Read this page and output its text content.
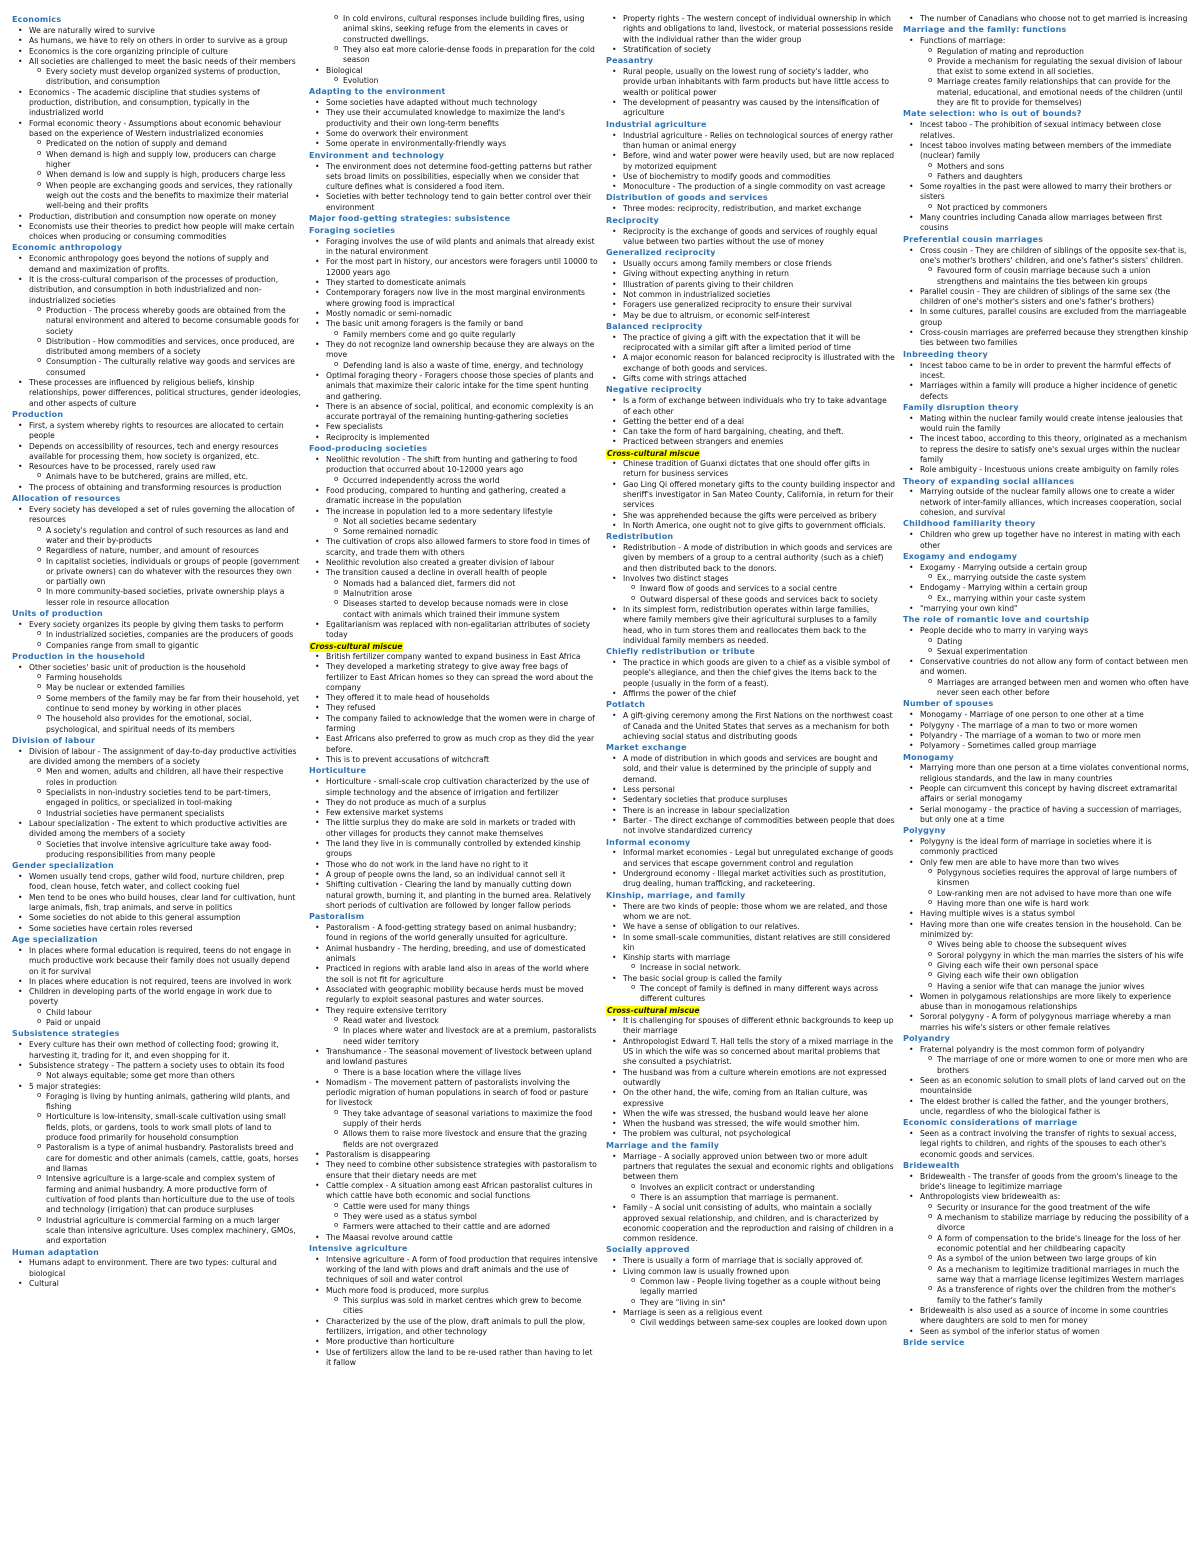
Economics
• We are naturally wired to survive
• As humans, we have to rely on others in order to survive as a group
• Economics is the core organizing principle of culture
• All societies are challenged to meet the basic needs of their members
o Every society must develop organized systems of production, distribution, and consumption
• Economics - The academic discipline that studies systems of production, distribution, and consumption, typically in the industrialized world
• Formal economic theory - Assumptions about economic behaviour based on the experience of Western industrialized economies
o Predicated on the notion of supply and demand
o When demand is high and supply low, producers can charge higher
o When demand is low and supply is high, producers charge less
o When people are exchanging goods and services, they rationally weigh out the costs and the benefits to maximize their material well-being and their profits
• Production, distribution and consumption now operate on money
• Economists use their theories to predict how people will make certain choices when producing or consuming commodities
Economic anthropology
• Economic anthropology goes beyond the notions of supply and demand and maximization of profits.
• It is the cross-cultural comparison of the processes of production, distribution, and consumption in both industrialized and non-industrialized societies
o Production - The process whereby goods are obtained from the natural environment and altered to become consumable goods for society
o Distribution - How commodities and services, once produced, are distributed among members of a society
o Consumption - The culturally relative way goods and services are consumed
• These processes are influenced by religious beliefs, kinship relationships, power differences, political structures, gender ideologies, and other aspects of culture
Production
• First, a system whereby rights to resources are allocated to certain people
• Depends on accessibility of resources, tech and energy resources available for processing them, how society is organized, etc.
• Resources have to be processed, rarely used raw
o Animals have to be butchered, grains are milled, etc.
• The process of obtaining and transforming resources is production
Allocation of resources
• Every society has developed a set of rules governing the allocation of resources
o A society's regulation and control of such resources as land and water and their by-products
o Regardless of nature, number, and amount of resources
o In capitalist societies, individuals or groups of people (government or private owners) can do whatever with the resources they own or partially own
o In more community-based societies, private ownership plays a lesser role in resource allocation
Units of production
• Every society organizes its people by giving them tasks to perform
o In industrialized societies, companies are the producers of goods
o Companies range from small to gigantic
Production in the household
• Other societies' basic unit of production is the household
o Farming households
o May be nuclear or extended families
o Some members of the family may be far from their household, yet continue to send money by working in other places
o The household also provides for the emotional, social, psychological, and spiritual needs of its members
Division of labour
• Division of labour - The assignment of day-to-day productive activities are divided among the members of a society
o Men and women, adults and children, all have their respective roles in production
o Specialists in non-industry societies tend to be part-timers, engaged in politics, or specialized in tool-making
o Industrial societies have permanent specialists
• Labour specialization - The extent to which productive activities are divided among the members of a society
o Societies that involve intensive agriculture take away food-producing responsibilities from many people
Gender specialization
• Women usually tend crops, gather wild food, nurture children, prep food, clean house, fetch water, and collect cooking fuel
• Men tend to be ones who build houses, clear land for cultivation, hunt large animals, fish, trap animals, and serve in politics
• Some societies do not abide to this general assumption
• Some societies have certain roles reversed
Age specialization
• In places where formal education is required, teens do not engage in much productive work because their family does not usually depend on it for survival
• In places where education is not required, teens are involved in work
• Children in developing parts of the world engage in work due to poverty
o Child labour
o Paid or unpaid
Subsistence strategies
• Every culture has their own method of collecting food; growing it, harvesting it, trading for it, and even shopping for it.
• Subsistence strategy - The pattern a society uses to obtain its food
o Not always equitable; some get more than others
• 5 major strategies:
o Foraging is living by hunting animals, gathering wild plants, and fishing
o Horticulture is low-intensity, small-scale cultivation using small fields, plots, or gardens, tools to work small plots of land to produce food primarily for household consumption
o Pastoralism is a type of animal husbandry. Pastoralists breed and care for domestic and other animals (camels, cattle, goats, horses and llamas
o Intensive agriculture is a large-scale and complex system of farming and animal husbandry. A more productive form of cultivation of food plants than horticulture due to the use of tools and technology (irrigation) that can produce surpluses
o Industrial agriculture is commercial farming on a much larger scale than intensive agriculture. Uses complex machinery, GMOs, and exportation
Human adaptation
• Humans adapt to environment. There are two types: cultural and biological
• Cultural
o In cold environs, cultural responses include building fires, using animal skins, seeking refuge from the elements in caves or constructed dwellings.
o They also eat more calorie-dense foods in preparation for the cold season
• Biological
o Evolution
Adapting to the environment
• Some societies have adapted without much technology
• They use their accumulated knowledge to maximize the land's productivity and their own long-term benefits
• Some do overwork their environment
• Some operate in environmentally-friendly ways
Environment and technology
• The environment does not determine food-getting patterns but rather sets broad limits on possibilities, especially when we consider that culture defines what is considered a food item.
• Societies with better technology tend to gain better control over their environment
Major food-getting strategies: subsistence
Foraging societies
• Foraging involves the use of wild plants and animals that already exist in the natural environment
• For the most part in history, our ancestors were foragers until 10000 to 12000 years ago
• They started to domesticate animals
• Contemporary foragers now live in the most marginal environments where growing food is impractical
• Mostly nomadic or semi-nomadic
• The basic unit among foragers is the family or band
o Family members come and go quite regularly
• They do not recognize land ownership because they are always on the move
o Defending land is also a waste of time, energy, and technology
• Optimal foraging theory - Foragers choose those species of plants and animals that maximize their caloric intake for the time spent hunting and gathering.
• There is an absence of social, political, and economic complexity is an accurate portrayal of the remaining hunting-gathering societies
• Few specialists
• Reciprocity is implemented
Food-producing societies
• Neolithic revolution - The shift from hunting and gathering to food production that occurred about 10-12000 years ago
o Occurred independently across the world
• Food producing, compared to hunting and gathering, created a dramatic increase in the population
• The increase in population led to a more sedentary lifestyle
o Not all societies became sedentary
o Some remained nomadic
• The cultivation of crops also allowed farmers to store food in times of scarcity, and trade them with others
• Neolithic revolution also created a greater division of labour
• The transition caused a decline in overall health of people
o Nomads had a balanced diet, farmers did not
o Malnutrition arose
o Diseases started to develop because nomads were in close contact with animals which trained their immune system
• Egalitarianism was replaced with non-egalitarian attributes of society today
Cross-cultural miscue
• British fertilizer company wanted to expand business in East Africa
• They developed a marketing strategy to give away free bags of fertilizer to East African homes so they can spread the word about the company
• They offered it to male head of households
• They refused
• The company failed to acknowledge that the women were in charge of farming
• East Africans also preferred to grow as much crop as they did the year before.
• This is to prevent accusations of witchcraft
Horticulture
• Horticulture - small-scale crop cultivation characterized by the use of simple technology and the absence of irrigation and fertilizer
• They do not produce as much of a surplus
• Few extensive market systems
• The little surplus they do make are sold in markets or traded with other villages for products they cannot make themselves
• The land they live in is communally controlled by extended kinship groups
• Those who do not work in the land have no right to it
• A group of people owns the land, so an individual cannot sell it
• Shifting cultivation - Clearing the land by manually cutting down natural growth, burning it, and planting in the burned area. Relatively short periods of cultivation are followed by longer fallow periods
Pastoralism
• Pastoralism - A food-getting strategy based on animal husbandry; found in regions of the world generally unsuited for agriculture.
• Animal husbandry - The herding, breeding, and use of domesticated animals
• Practiced in regions with arable land also in areas of the world where the soil is not fit for agriculture
• Associated with geographic mobility because herds must be moved regularly to exploit seasonal pastures and water sources.
• They require extensive territory
o Read water and livestock
o In places where water and livestock are at a premium, pastoralists need wider territory
• Transhumance - The seasonal movement of livestock between upland and lowland pastures
o There is a base location where the village lives
• Nomadism - The movement pattern of pastoralists involving the periodic migration of human populations in search of food or pasture for livestock
o They take advantage of seasonal variations to maximize the food supply of their herds
o Allows them to raise more livestock and ensure that the grazing fields are not overgrazed
• Pastoralism is disappearing
• They need to combine other subsistence strategies with pastoralism to ensure that their dietary needs are met
• Cattle complex - A situation among east African pastoralist cultures in which cattle have both economic and social functions
o Cattle were used for many things
o They were used as a status symbol
o Farmers were attached to their cattle and are adorned
• The Maasai revolve around cattle
Intensive agriculture
• Intensive agriculture - A form of food production that requires intensive working of the land with plows and draft animals and the use of techniques of soil and water control
• Much more food is produced, more surplus
o This surplus was sold in market centres which grew to become cities
• Characterized by the use of the plow, draft animals to pull the plow, fertilizers, irrigation, and other technology
• More productive than horticulture
• Use of fertilizers allow the land to be re-used rather than having to let it fallow
• Property rights - The western concept of individual ownership in which rights and obligations to land, livestock, or material possessions reside with the individual rather than the wider group
• Stratification of society
Peasantry
• Rural people, usually on the lowest rung of society's ladder, who provide urban inhabitants with farm products but have little access to wealth or political power
• The development of peasantry was caused by the intensification of agriculture
Industrial agriculture
• Industrial agriculture - Relies on technological sources of energy rather than human or animal energy
• Before, wind and water power were heavily used, but are now replaced by motorized equipment
• Use of biochemistry to modify goods and commodities
• Monoculture - The production of a single commodity on vast acreage
Distribution of goods and services
• Three modes: reciprocity, redistribution, and market exchange
Reciprocity
• Reciprocity is the exchange of goods and services of roughly equal value between two parties without the use of money
Generalized reciprocity
• Usually occurs among family members or close friends
• Giving without expecting anything in return
• Illustration of parents giving to their children
• Not common in industrialized societies
• Foragers use generalized reciprocity to ensure their survival
• May be due to altruism, or economic self-interest
Balanced reciprocity
• The practice of giving a gift with the expectation that it will be reciprocated with a similar gift after a limited period of time
• A major economic reason for balanced reciprocity is illustrated with the exchange of both goods and services.
• Gifts come with strings attached
Negative reciprocity
• Is a form of exchange between individuals who try to take advantage of each other
• Getting the better end of a deal
• Can take the form of hard bargaining, cheating, and theft.
• Practiced between strangers and enemies
Cross-cultural miscue
• Chinese tradition of Guanxi dictates that one should offer gifts in return for business services
• Gao Ling Qi offered monetary gifts to the county building inspector and sheriff's investigator in San Mateo County, California, in return for their services
• She was apprehended because the gifts were perceived as bribery
• In North America, one ought not to give gifts to government officials.
Redistribution
• Redistribution - A mode of distribution in which goods and services are given by members of a group to a central authority (such as a chief) and then distributed back to the donors.
• Involves two distinct stages
o Inward flow of goods and services to a social centre
o Outward dispersal of these goods and services back to society
• In its simplest form, redistribution operates within large families, where family members give their agricultural surpluses to a family head, who in turn stores them and reallocates them back to the individual family members as needed.
Chiefly redistribution or tribute
• The practice in which goods are given to a chief as a visible symbol of people's allegiance, and then the chief gives the items back to the people (usually in the form of a feast).
• Affirms the power of the chief
Potlatch
• A gift-giving ceremony among the First Nations on the northwest coast of Canada and the United States that serves as a mechanism for both achieving social status and distributing goods
Market exchange
• A mode of distribution in which goods and services are bought and sold, and their value is determined by the principle of supply and demand.
• Less personal
• Sedentary societies that produce surpluses
• There is an increase in labour specialization
• Barter - The direct exchange of commodities between people that does not involve standardized currency
Informal economy
• Informal market economies - Legal but unregulated exchange of goods and services that escape government control and regulation
• Underground economy - Illegal market activities such as prostitution, drug dealing, human trafficking, and racketeering.
Kinship, marriage, and family
• There are two kinds of people: those whom we are related, and those whom we are not.
• We have a sense of obligation to our relatives.
• In some small-scale communities, distant relatives are still considered kin
• Kinship starts with marriage
o Increase in social network.
• The basic social group is called the family
o The concept of family is defined in many different ways across different cultures
Cross-cultural miscue
• It is challenging for spouses of different ethnic backgrounds to keep up their marriage
• Anthropologist Edward T. Hall tells the story of a mixed marriage in the US in which the wife was so concerned about marital problems that she consulted a psychiatrist.
• The husband was from a culture wherein emotions are not expressed outwardly
• On the other hand, the wife, coming from an Italian culture, was expressive
• When the wife was stressed, the husband would leave her alone
• When the husband was stressed, the wife would smother him.
• The problem was cultural, not psychological
Marriage and the family
• Marriage - A socially approved union between two or more adult partners that regulates the sexual and economic rights and obligations between them
o Involves an explicit contract or understanding
o There is an assumption that marriage is permanent.
• Family - A social unit consisting of adults, who maintain a socially approved sexual relationship, and children, and is characterized by economic cooperation and the reproduction and raising of children in a common residence.
Socially approved
• There is usually a form of marriage that is socially approved of.
• Living common law is usually frowned upon
o Common law - People living together as a couple without being legally married
o They are "living in sin"
• Marriage is seen as a religious event
o Civil weddings between same-sex couples are looked down upon
• The number of Canadians who choose not to get married is increasing
Marriage and the family: functions
• Functions of marriage:
o Regulation of mating and reproduction
o Provide a mechanism for regulating the sexual division of labour that exist to some extend in all societies.
o Marriage creates family relationships that can provide for the material, educational, and emotional needs of the children (until they are fit to provide for themselves)
Mate selection: who is out of bounds?
• Incest taboo - The prohibition of sexual intimacy between close relatives.
• Incest taboo involves mating between members of the immediate (nuclear) family
o Mothers and sons
o Fathers and daughters
• Some royalties in the past were allowed to marry their brothers or sisters
o Not practiced by commoners
• Many countries including Canada allow marriages between first cousins
Preferential cousin marriages
• Cross cousin - They are children of siblings of the opposite sex-that is, one's mother's brothers' children, and one's father's sisters' children.
o Favoured form of cousin marriage because such a union strengthens and maintains the ties between kin groups
• Parallel cousin - They are children of siblings of the same sex (the children of one's mother's sisters and one's father's brothers)
• In some cultures, parallel cousins are excluded from the marriageable group
• Cross-cousin marriages are preferred because they strengthen kinship ties between two families
Inbreeding theory
• Incest taboo came to be in order to prevent the harmful effects of incest.
• Marriages within a family will produce a higher incidence of genetic defects
Family disruption theory
• Mating within the nuclear family would create intense jealousies that would ruin the family
• The incest taboo, according to this theory, originated as a mechanism to repress the desire to satisfy one's sexual urges within the nuclear family
• Role ambiguity - Incestuous unions create ambiguity on family roles
Theory of expanding social alliances
• Marrying outside of the nuclear family allows one to create a wider network of inter-family alliances, which increases cooperation, social cohesion, and survival
Childhood familiarity theory
• Children who grew up together have no interest in mating with each other
Exogamy and endogamy
• Exogamy - Marrying outside a certain group
o Ex., marrying outside the caste system
• Endogamy - Marrying within a certain group
o Ex., marrying within your caste system
• "marrying your own kind"
The role of romantic love and courtship
• People decide who to marry in varying ways
o Dating
o Sexual experimentation
• Conservative countries do not allow any form of contact between men and women.
o Marriages are arranged between men and women who often have never seen each other before
Number of spouses
• Monogamy - Marriage of one person to one other at a time
• Polygyny - The marriage of a man to two or more women
• Polyandry - The marriage of a woman to two or more men
• Polyamory - Sometimes called group marriage
Monogamy
• Marrying more than one person at a time violates conventional norms, religious standards, and the law in many countries
• People can circumvent this concept by having discreet extramarital affairs or serial monogamy
• Serial monogamy - the practice of having a succession of marriages, but only one at a time
Polygyny
• Polygyny is the ideal form of marriage in societies where it is commonly practiced
• Only few men are able to have more than two wives
o Polygynous societies requires the approval of large numbers of kinsmen
o Low-ranking men are not advised to have more than one wife
o Having more than one wife is hard work
• Having multiple wives is a status symbol
• Having more than one wife creates tension in the household. Can be minimized by:
o Wives being able to choose the subsequent wives
o Sororal polygyny in which the man marries the sisters of his wife
o Giving each wife their own personal space
o Giving each wife their own obligation
o Having a senior wife that can manage the junior wives
• Women in polygamous relationships are more likely to experience abuse than in monogamous relationships
• Sororal polygyny - A form of polygynous marriage whereby a man marries his wife's sisters or other female relatives
Polyandry
• Fraternal polyandry is the most common form of polyandry
o The marriage of one or more women to one or more men who are brothers
• Seen as an economic solution to small plots of land carved out on the mountainside
• The eldest brother is called the father, and the younger brothers, uncle, regardless of who the biological father is
Economic considerations of marriage
• Seen as a contract involving the transfer of rights to sexual access, legal rights to children, and rights of the spouses to each other's economic goods and services.
Bridewealth
• Bridewealth - The transfer of goods from the groom's lineage to the bride's lineage to legitimize marriage
• Anthropologists view bridewealth as:
o Security or insurance for the good treatment of the wife
o A mechanism to stabilize marriage by reducing the possibility of a divorce
o A form of compensation to the bride's lineage for the loss of her economic potential and her childbearing capacity
o As a symbol of the union between two large groups of kin
o As a mechanism to legitimize traditional marriages in much the same way that a marriage license legitimizes Western marriages
o As a transference of rights over the children from the mother's family to the father's family
• Bridewealth is also used as a source of income in some countries where daughters are sold to men for money
• Seen as symbol of the inferior status of women
Bride service
